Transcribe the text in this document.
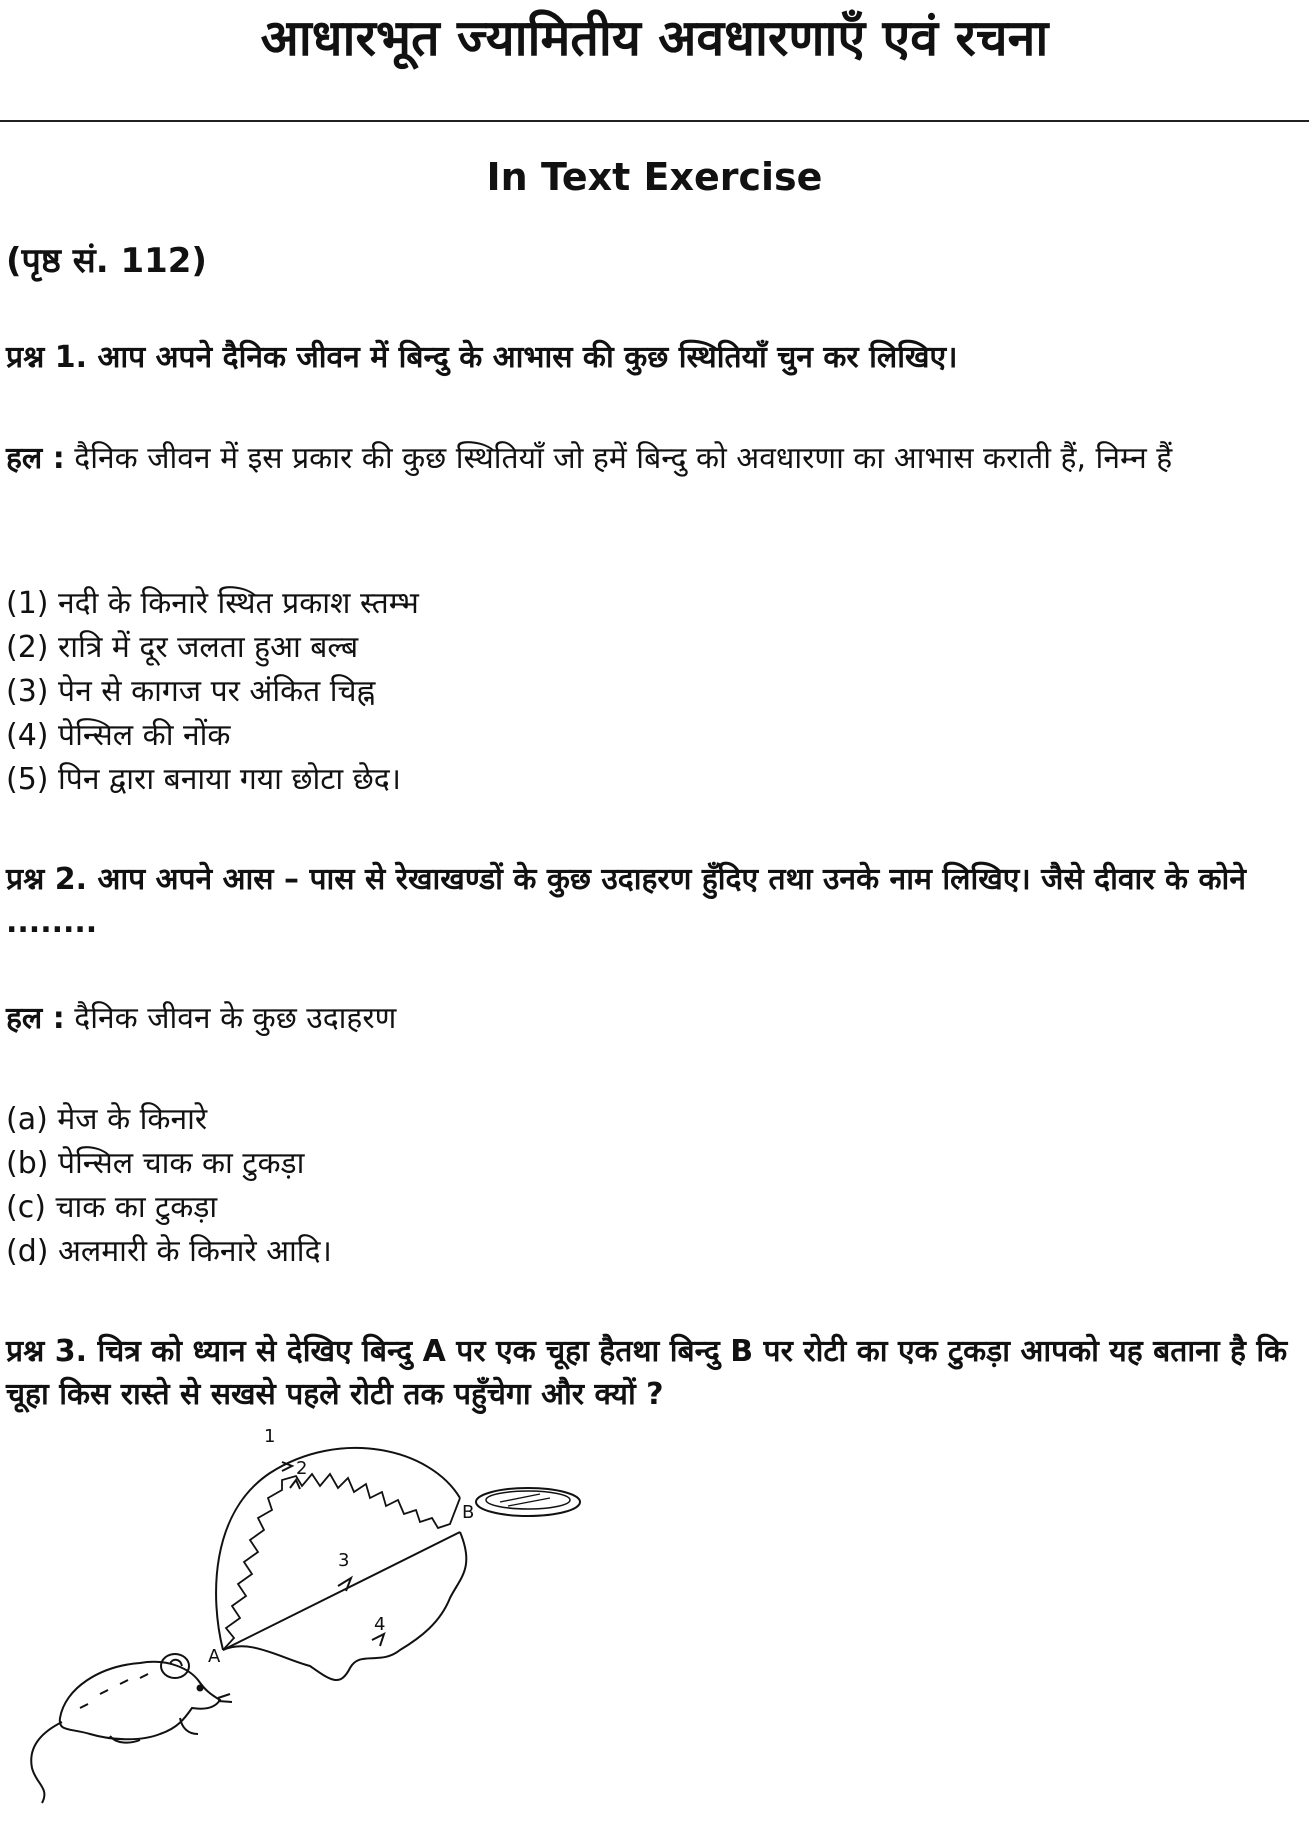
आधारभूत ज्यामितीय अवधारणाएँ एवं रचना
In Text Exercise
(पृष्ठ सं. 112)
प्रश्न 1. आप अपने दैनिक जीवन में बिन्दु के आभास की कुछ स्थितियाँ चुन कर लिखिए।
हल : दैनिक जीवन में इस प्रकार की कुछ स्थितियाँ जो हमें बिन्दु को अवधारणा का आभास कराती हैं, निम्न हैं
(1) नदी के किनारे स्थित प्रकाश स्तम्भ
(2) रात्रि में दूर जलता हुआ बल्ब
(3) पेन से कागज पर अंकित चिह्न
(4) पेन्सिल की नोंक
(5) पिन द्वारा बनाया गया छोटा छेद।
प्रश्न 2. आप अपने आस – पास से रेखाखण्डों के कुछ उदाहरण हुँदिए तथा उनके नाम लिखिए। जैसे दीवार के कोने ........
हल : दैनिक जीवन के कुछ उदाहरण
(a) मेज के किनारे
(b) पेन्सिल चाक का टुकड़ा
(c) चाक का टुकड़ा
(d) अलमारी के किनारे आदि।
प्रश्न 3. चित्र को ध्यान से देखिए बिन्दु A पर एक चूहा हैतथा बिन्दु B पर रोटी का एक टुकड़ा आपको यह बताना है कि चूहा किस रास्ते से सखसे पहले रोटी तक पहुँचेगा और क्यों ?
1
2
3
4
A
B
